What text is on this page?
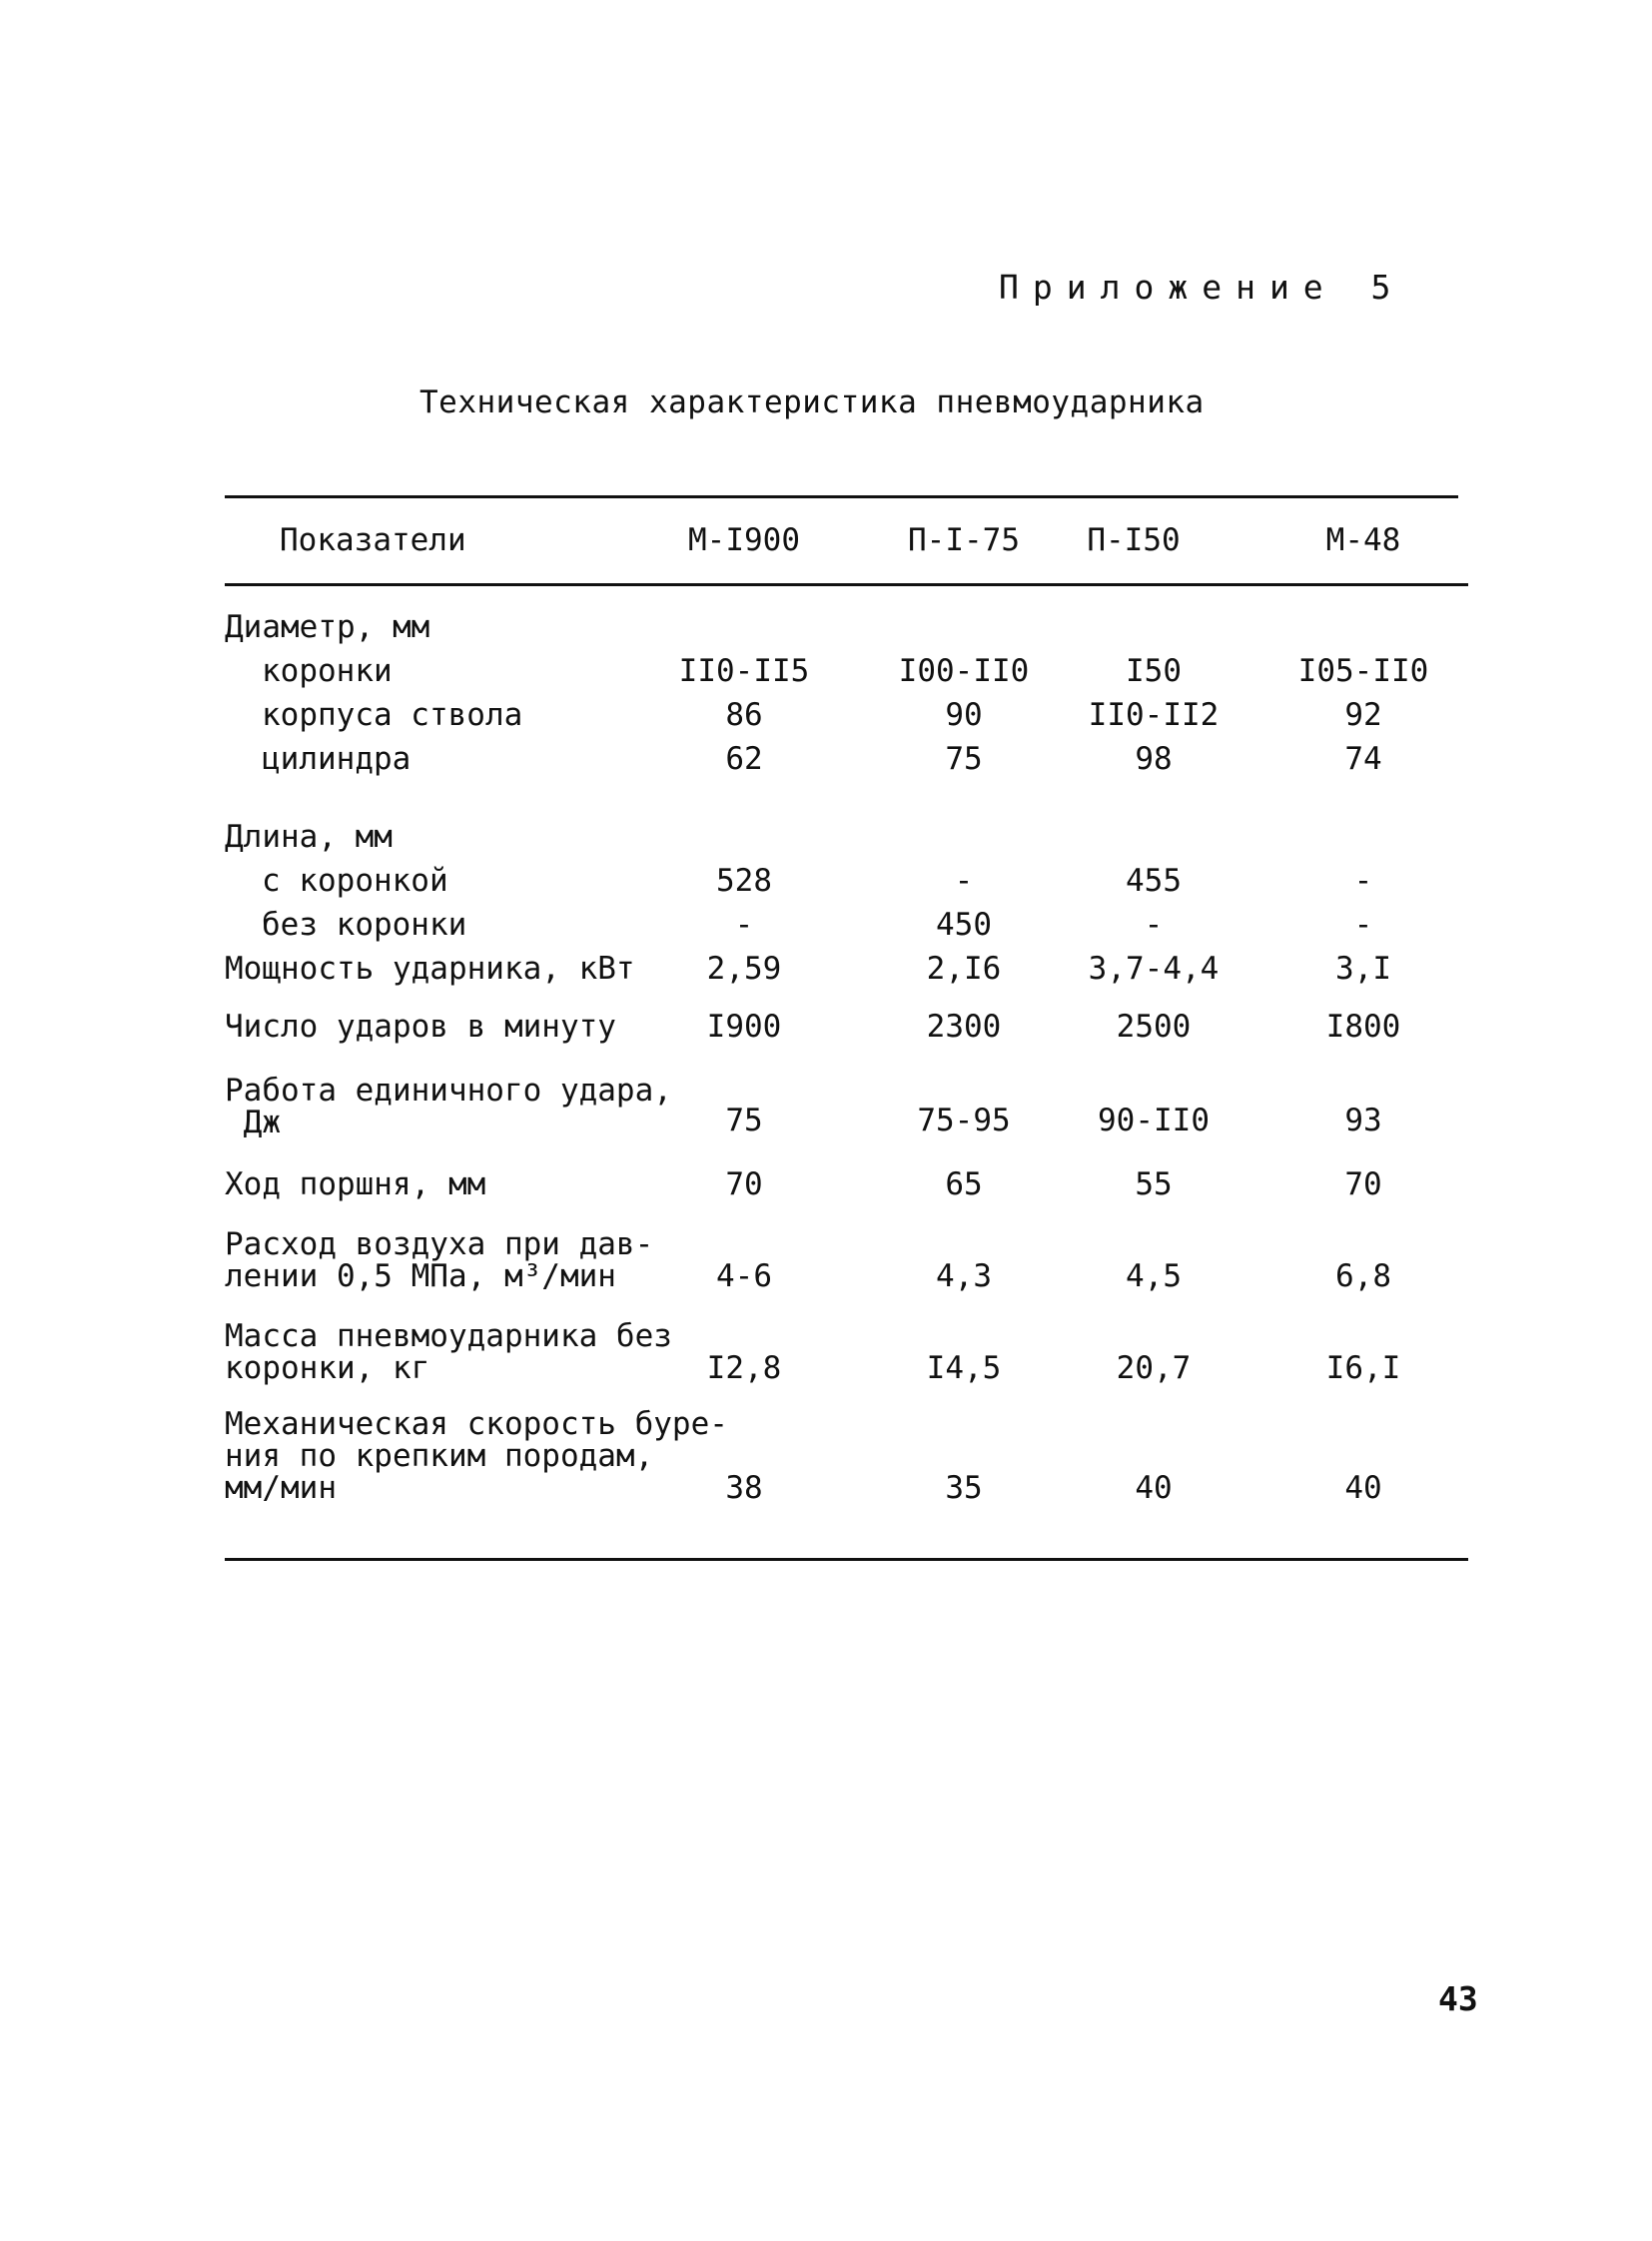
Приложение 5
Техническая характеристика пневмоударника
Показатели	М-I900	П-I-75	П-I50	М-48
Диаметр, мм
коронки	II0-II5	I00-II0	I50	I05-II0
корпуса ствола	86	90	II0-II2	92
цилиндра	62	75	98	74
Длина, мм
с коронкой	528	-	455	-
без коронки	-	450	-	-
Мощность ударника, кВт	2,59	2,I6	3,7-4,4	3,I
Число ударов в минуту	I900	2300	2500	I800
Работа единичного удара,
Дж	75	75-95	90-II0	93
Ход поршня, мм	70	65	55	70
Расход воздуха при дав-
лении 0,5 МПа, м³/мин	4-6	4,3	4,5	6,8
Масса пневмоударника без
коронки, кг	I2,8	I4,5	20,7	I6,I
Механическая скорость буре-
ния по крепким породам,
мм/мин	38	35	40	40
43
